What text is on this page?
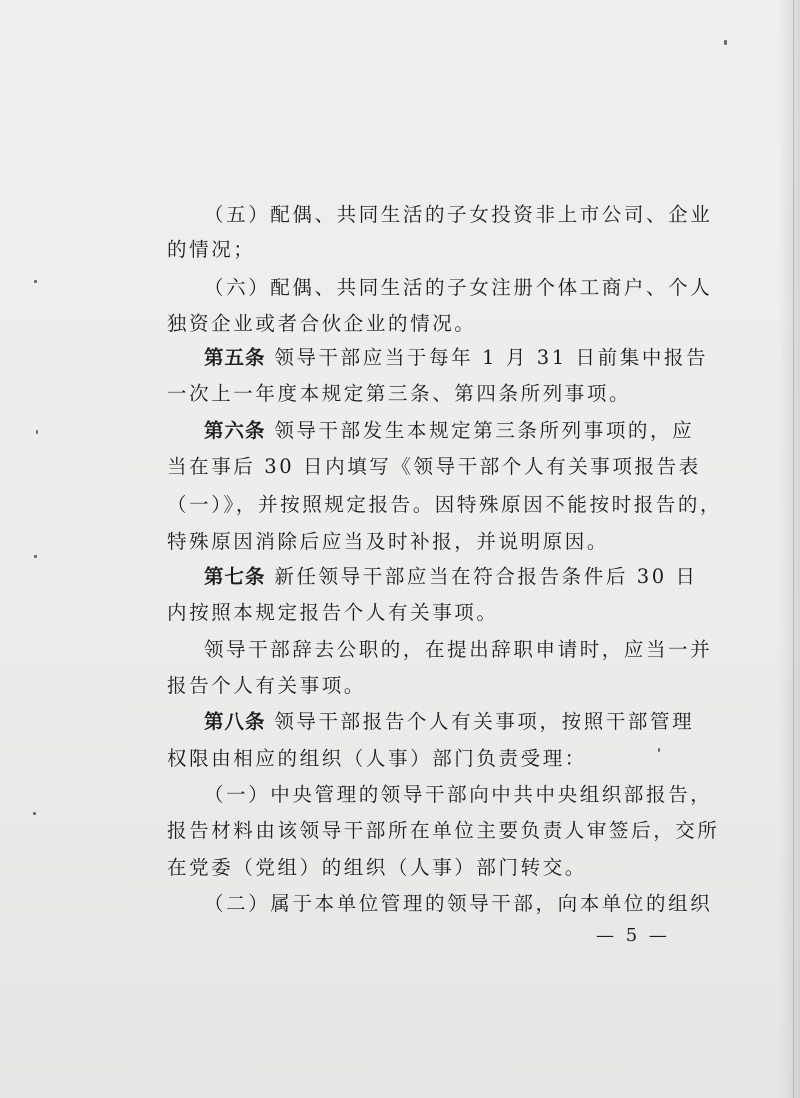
（五）配偶、共同生活的子女投资非上市公司、企业

的情况；

（六）配偶、共同生活的子女注册个体工商户、个人

独资企业或者合伙企业的情况。

第五条 领导干部应当于每年 1 月 31 日前集中报告

一次上一年度本规定第三条、第四条所列事项。

第六条 领导干部发生本规定第三条所列事项的，应

当在事后 30 日内填写《领导干部个人有关事项报告表

（一）》，并按照规定报告。因特殊原因不能按时报告的，

特殊原因消除后应当及时补报，并说明原因。

第七条 新任领导干部应当在符合报告条件后 30 日

内按照本规定报告个人有关事项。

领导干部辞去公职的，在提出辞职申请时，应当一并

报告个人有关事项。

第八条 领导干部报告个人有关事项，按照干部管理

权限由相应的组织（人事）部门负责受理：

（一）中央管理的领导干部向中共中央组织部报告，

报告材料由该领导干部所在单位主要负责人审签后，交所

在党委（党组）的组织（人事）部门转交。

（二）属于本单位管理的领导干部，向本单位的组织

— 5 —
